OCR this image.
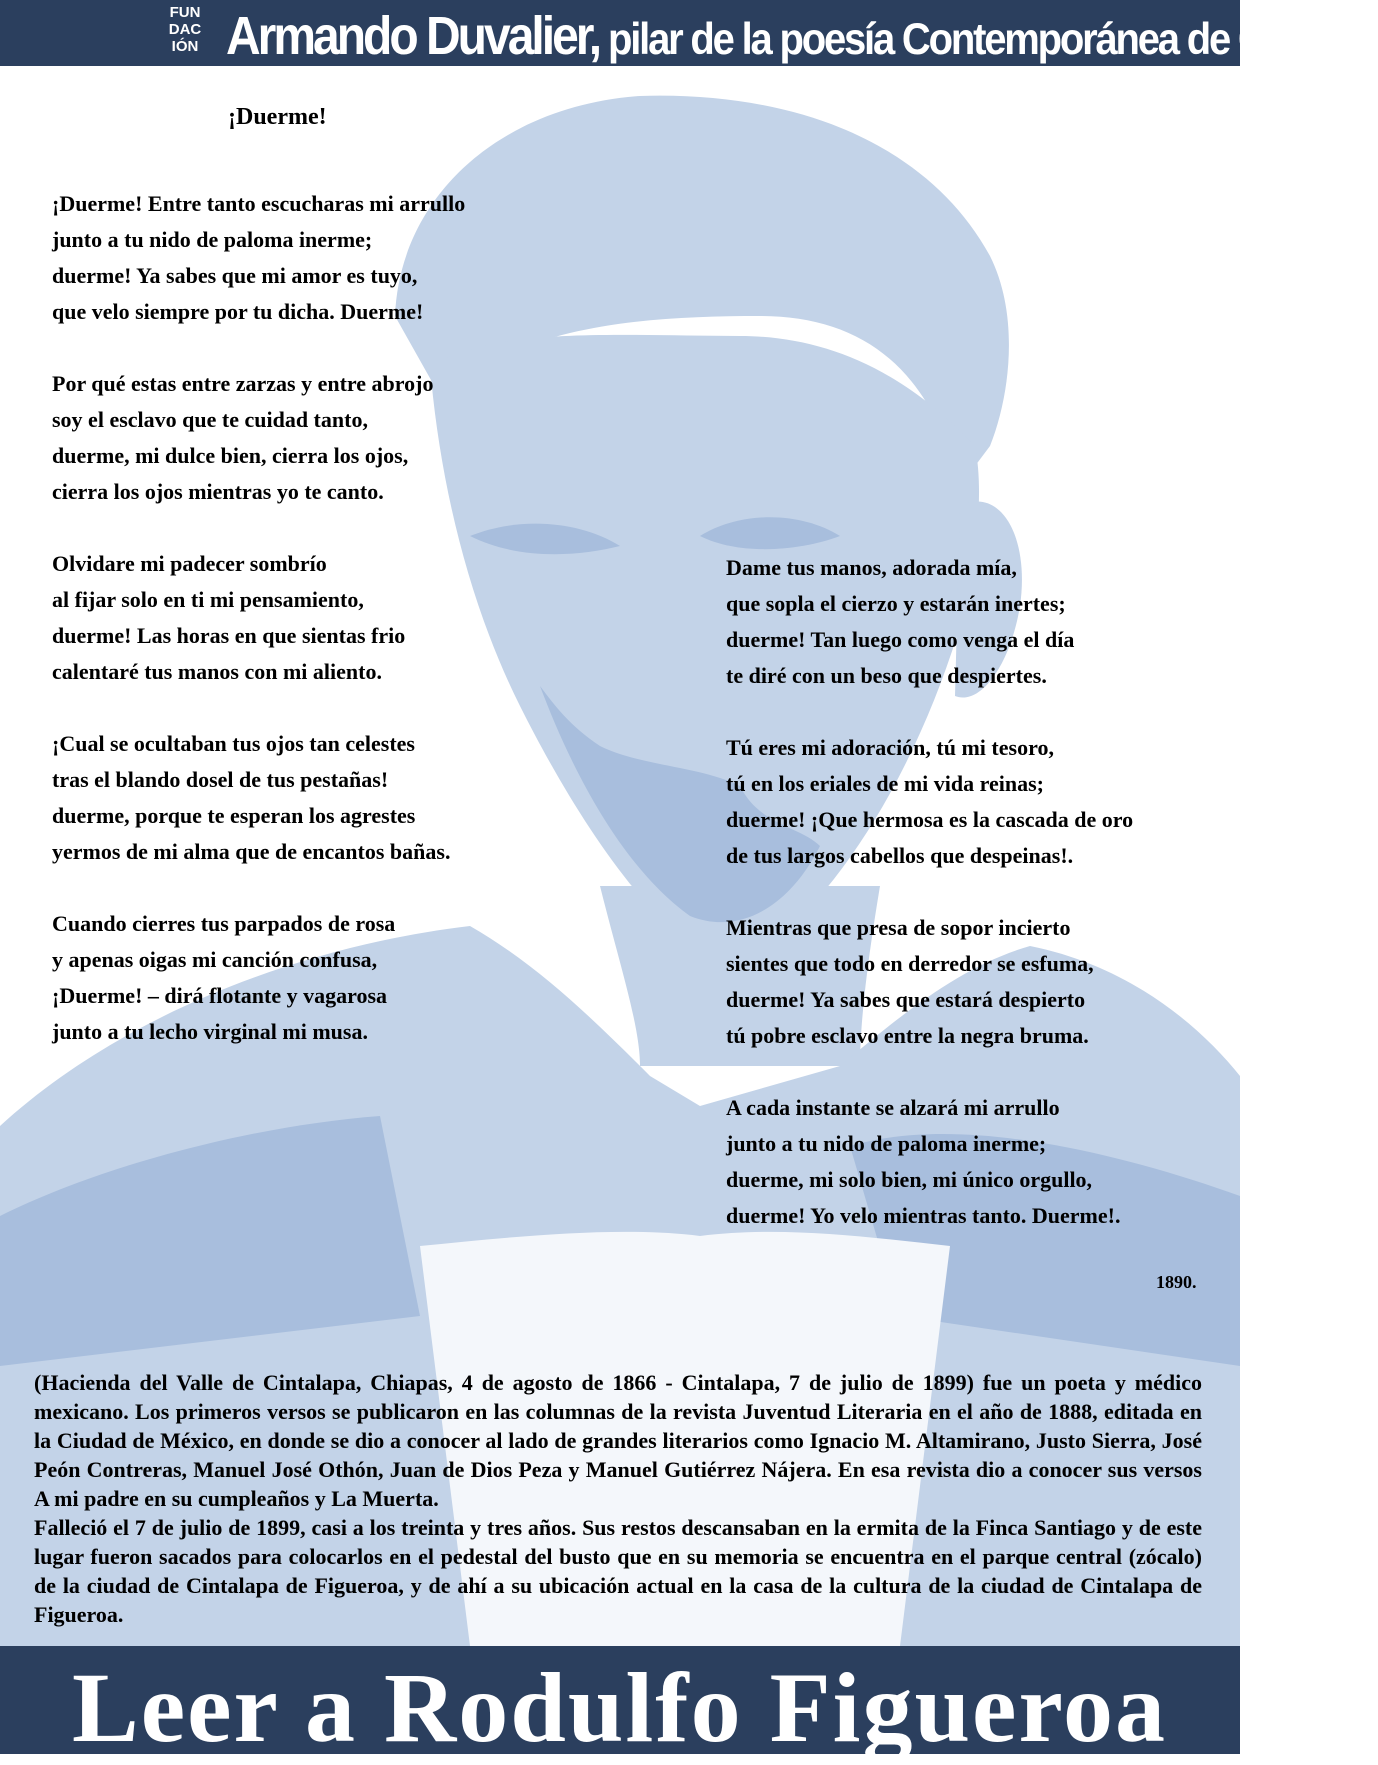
FUN
DAC
IÓN Armando Duvalier, pilar de la poesía Contemporánea de Chiapas
¡Duerme!
¡Duerme! Entre tanto escucharas mi arrullo
junto a tu nido de paloma inerme;
duerme! Ya sabes que mi amor es tuyo,
que velo siempre por tu dicha. Duerme!
Por qué estas entre zarzas y entre abrojo
soy el esclavo que te cuidad tanto,
duerme, mi dulce bien, cierra los ojos,
cierra los ojos mientras yo te canto.
Olvidare mi padecer sombrío
al fijar solo en ti mi pensamiento,
duerme! Las horas en que sientas frio
calentaré tus manos con mi aliento.
¡Cual se ocultaban tus ojos tan celestes
tras el blando dosel de tus pestañas!
duerme, porque te esperan los agrestes
yermos de mi alma que de encantos bañas.
Cuando cierres tus parpados de rosa
y apenas oigas mi canción confusa,
¡Duerme! – dirá flotante y vagarosa
junto a tu lecho virginal mi musa.
Dame tus manos, adorada mía,
que sopla el cierzo y estarán inertes;
duerme! Tan luego como venga el día
te diré con un beso que despiertes.
Tú eres mi adoración, tú mi tesoro,
tú en los eriales de mi vida reinas;
duerme! ¡Que hermosa es la cascada de oro
de tus largos cabellos que despeinas!.
Mientras que presa de sopor incierto
sientes que todo en derredor se esfuma,
duerme! Ya sabes que estará despierto
tú pobre esclavo entre la negra bruma.
A cada instante se alzará mi arrullo
junto a tu nido de paloma inerme;
duerme, mi solo bien, mi único orgullo,
duerme! Yo velo mientras tanto. Duerme!.
1890.

(Hacienda del Valle de Cintalapa, Chiapas, 4 de agosto de 1866 - Cintalapa, 7 de julio de 1899) fue un poeta y médico mexicano. Los primeros versos se publicaron en las columnas de la revista Juventud Literaria en el año de 1888, editada en la Ciudad de México, en donde se dio a conocer al lado de grandes literarios como Ignacio M. Altamirano, Justo Sierra, José Peón Contreras, Manuel José Othón, Juan de Dios Peza y Manuel Gutiérrez Nájera. En esa revista dio a conocer sus versos A mi padre en su cumpleaños y La Muerta.

Falleció el 7 de julio de 1899, casi a los treinta y tres años. Sus restos descansaban en la ermita de la Finca Santiago y de este lugar fueron sacados para colocarlos en el pedestal del busto que en su memoria se encuentra en el parque central (zócalo) de la ciudad de Cintalapa de Figueroa, y de ahí a su ubicación actual en la casa de la cultura de la ciudad de Cintalapa de Figueroa.

Leer a Rodulfo Figueroa
